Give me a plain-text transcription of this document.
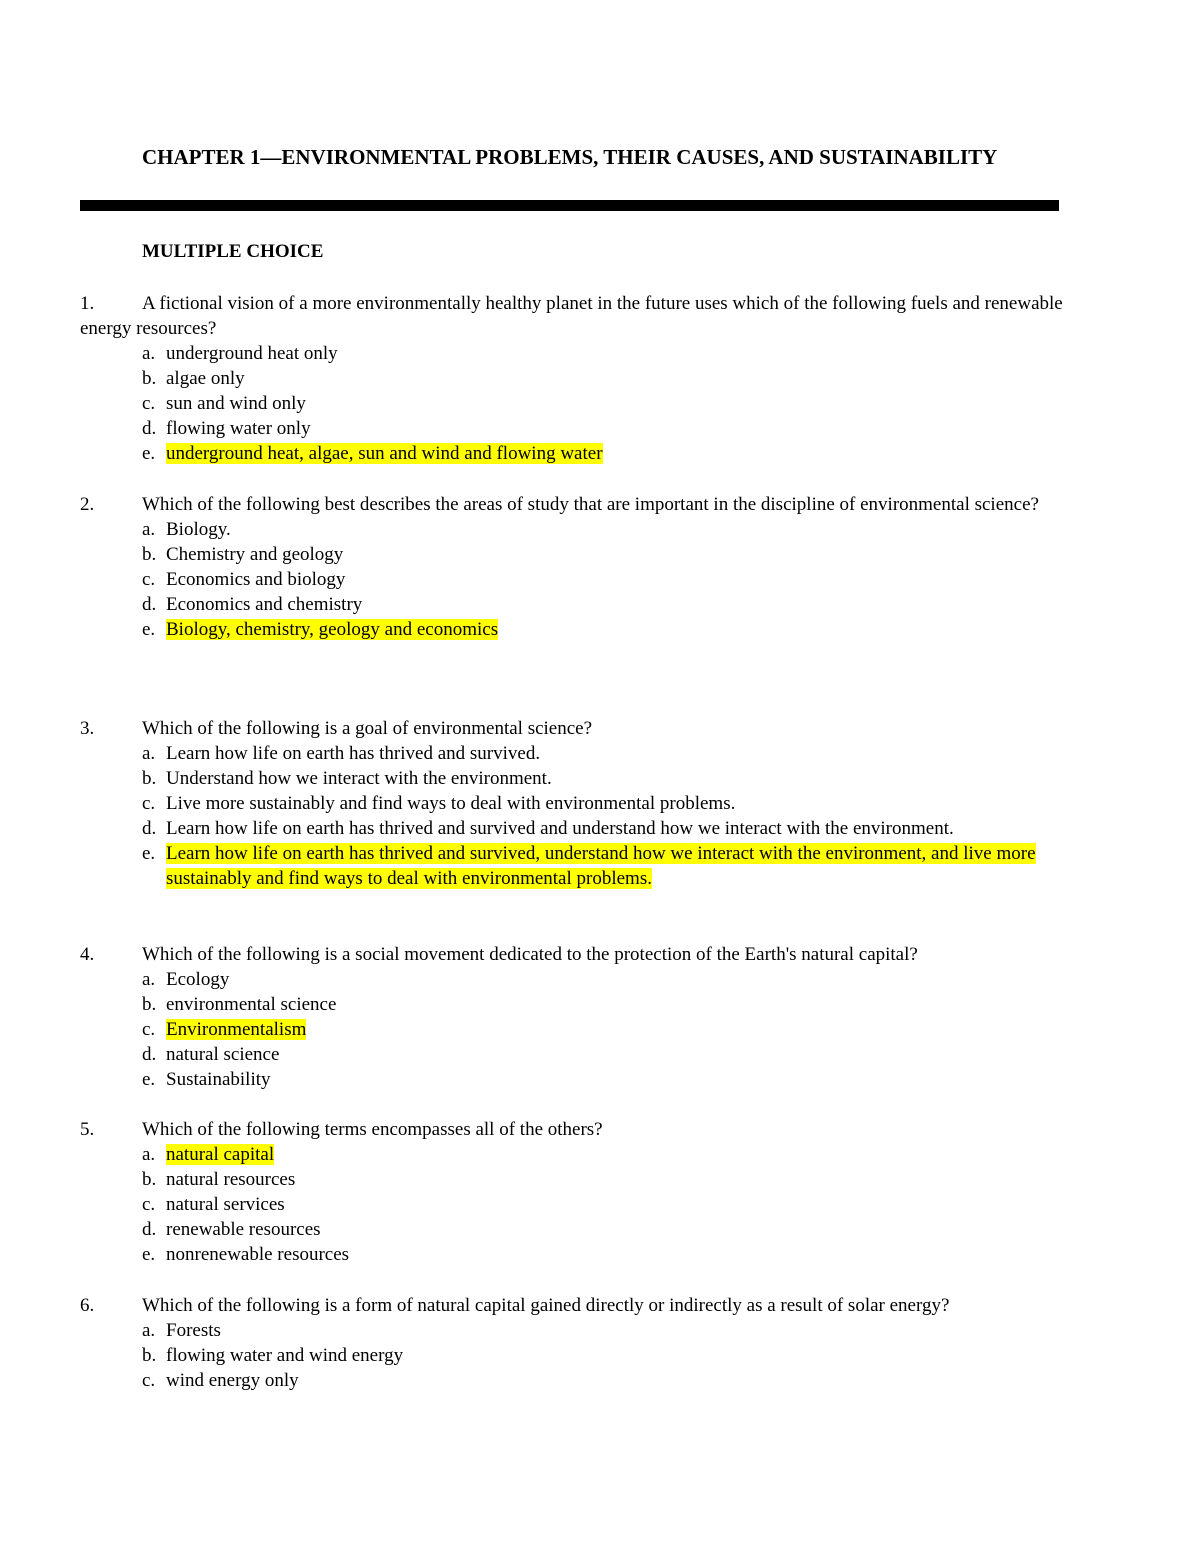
CHAPTER 1—ENVIRONMENTAL PROBLEMS, THEIR CAUSES, AND SUSTAINABILITY
MULTIPLE CHOICE

1.	A fictional vision of a more environmentally healthy planet in the future uses which of the following fuels and renewable energy resources?

a. underground heat only
b. algae only
c. sun and wind only
d. flowing water only
e. underground heat, algae, sun and wind and flowing water

2.	Which of the following best describes the areas of study that are important in the discipline of environmental science?

a. Biology.
b. Chemistry and geology
c. Economics and biology
d. Economics and chemistry
e. Biology, chemistry, geology and economics

3.	Which of the following is a goal of environmental science?

a. Learn how life on earth has thrived and survived.
b. Understand how we interact with the environment.
c. Live more sustainably and find ways to deal with environmental problems.
d. Learn how life on earth has thrived and survived and understand how we interact with the environment.
e. Learn how life on earth has thrived and survived, understand how we interact with the environment, and live more sustainably and find ways to deal with environmental problems.

4.	Which of the following is a social movement dedicated to the protection of the Earth's natural capital?

a. Ecology
b. environmental science
c. Environmentalism
d. natural science
e. Sustainability

5.	Which of the following terms encompasses all of the others?

a. natural capital
b. natural resources
c. natural services
d. renewable resources
e. nonrenewable resources

6.	Which of the following is a form of natural capital gained directly or indirectly as a result of solar energy?

a. Forests
b. flowing water and wind energy
c. wind energy only
